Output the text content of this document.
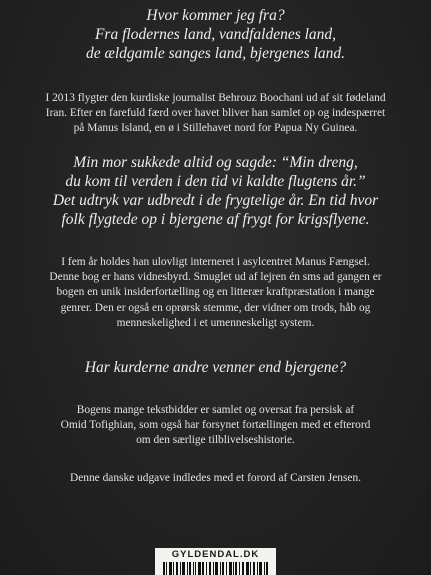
Hvor kommer jeg fra?
Fra flodernes land, vandfaldenes land,
de ældgamle sanges land, bjergenes land.
I 2013 flygter den kurdiske journalist Behrouz Boochani ud af sit fødeland
Iran. Efter en farefuld færd over havet bliver han samlet op og indespærret
på Manus Island, en ø i Stillehavet nord for Papua Ny Guinea.
Min mor sukkede altid og sagde: “Min dreng,
du kom til verden i den tid vi kaldte flugtens år.”
Det udtryk var udbredt i de frygtelige år. En tid hvor
folk flygtede op i bjergene af frygt for krigsflyene.
I fem år holdes han ulovligt interneret i asylcentret Manus Fængsel.
Denne bog er hans vidnesbyrd. Smuglet ud af lejren én sms ad gangen er
bogen en unik insiderfortælling og en litterær kraftpræstation i mange
genrer. Den er også en oprørsk stemme, der vidner om trods, håb og
menneskelighed i et umenneskeligt system.
Har kurderne andre venner end bjergene?
Bogens mange tekstbidder er samlet og oversat fra persisk af
Omid Tofighian, som også har forsynet fortællingen med et efterord
om den særlige tilblivelseshistorie.
Denne danske udgave indledes med et forord af Carsten Jensen.
GYLDENDAL.DK
